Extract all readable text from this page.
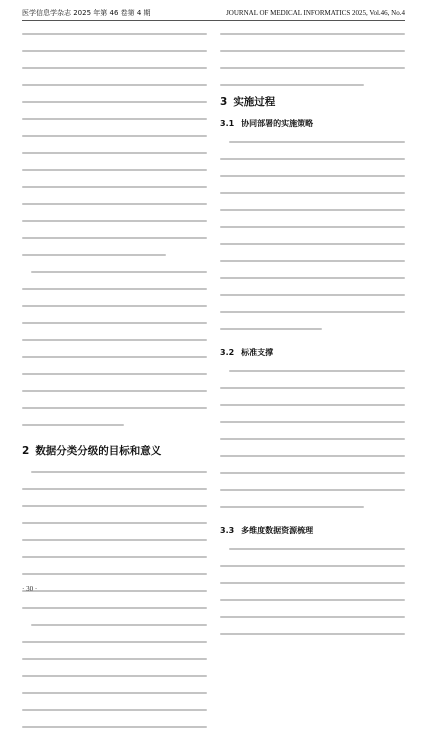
医学信息学杂志 2025 年第 46 卷第 4 期	JOURNAL OF MEDICAL INFORMATICS 2025, Vol.46, No.4
2 数据分类分级的目标和意义
3 实施过程
3.1 协同部署的实施策略
3.2 标准支撑
3.3 多维度数据资源梳理
· 30 ·
